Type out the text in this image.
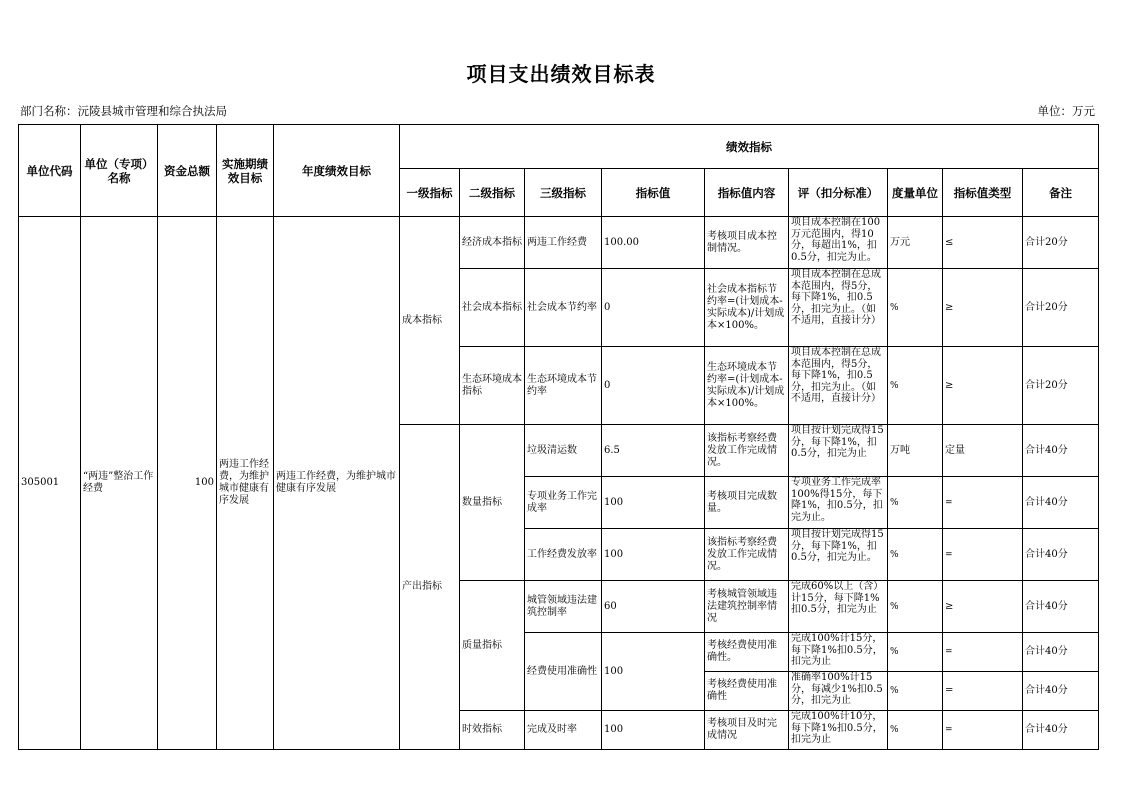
项目支出绩效目标表
部门名称：沅陵县城市管理和综合执法局	单位：万元
单位代码	单位（专项）名称	资金总额	实施期绩效目标	年度绩效目标	绩效指标								
					一级指标	二级指标	三级指标	指标值	指标值内容	评（扣分标准）	度量单位	指标值类型	备注
305001	“两违”整治工作经费	100	两违工作经费，为维护城市健康有序发展	两违工作经费，为维护城市健康有序发展	成本指标	经济成本指标	两违工作经费	100.00	考核项目成本控制情况。	项目成本控制在100万元范围内，得10分，每超出1%，扣0.5分，扣完为止。	万元	≤	合计20分
						社会成本指标	社会成本节约率	0	社会成本指标节约率=(计划成本-实际成本)/计划成本×100%。	项目成本控制在总成本范围内，得5分，每下降1%，扣0.5分，扣完为止。（如不适用，直接计分）	%	≥	合计20分
						生态环境成本指标	生态环境成本节约率	0	生态环境成本节约率=(计划成本-实际成本)/计划成本×100%。	项目成本控制在总成本范围内，得5分，每下降1%，扣0.5分，扣完为止。（如不适用，直接计分）	%	≥	合计20分
					产出指标	数量指标	垃圾清运数	6.5	该指标考察经费发放工作完成情况。	项目按计划完成得15分，每下降1%，扣0.5分，扣完为止	万吨	定量	合计40分
							专项业务工作完成率	100	考核项目完成数量。	专项业务工作完成率100%得15分，每下降1%，扣0.5分，扣完为止。	%	=	合计40分
							工作经费发放率	100	该指标考察经费发放工作完成情况。	项目按计划完成得15分，每下降1%，扣0.5分，扣完为止。	%	=	合计40分
						质量指标	城管领域违法建筑控制率	60	考核城管领域违法建筑控制率情况	完成60%以上（含）计15分，每下降1%扣0.5分，扣完为止	%	≥	合计40分
							经费使用准确性	100	考核经费使用准确性。	完成100%计15分，每下降1%扣0.5分，扣完为止	%	=	合计40分
									考核经费使用准确性	准确率100%计15分，每减少1%扣0.5分，扣完为止	%	=	合计40分
						时效指标	完成及时率	100	考核项目及时完成情况	完成100%计10分，每下降1%扣0.5分，扣完为止	%	=	合计40分
